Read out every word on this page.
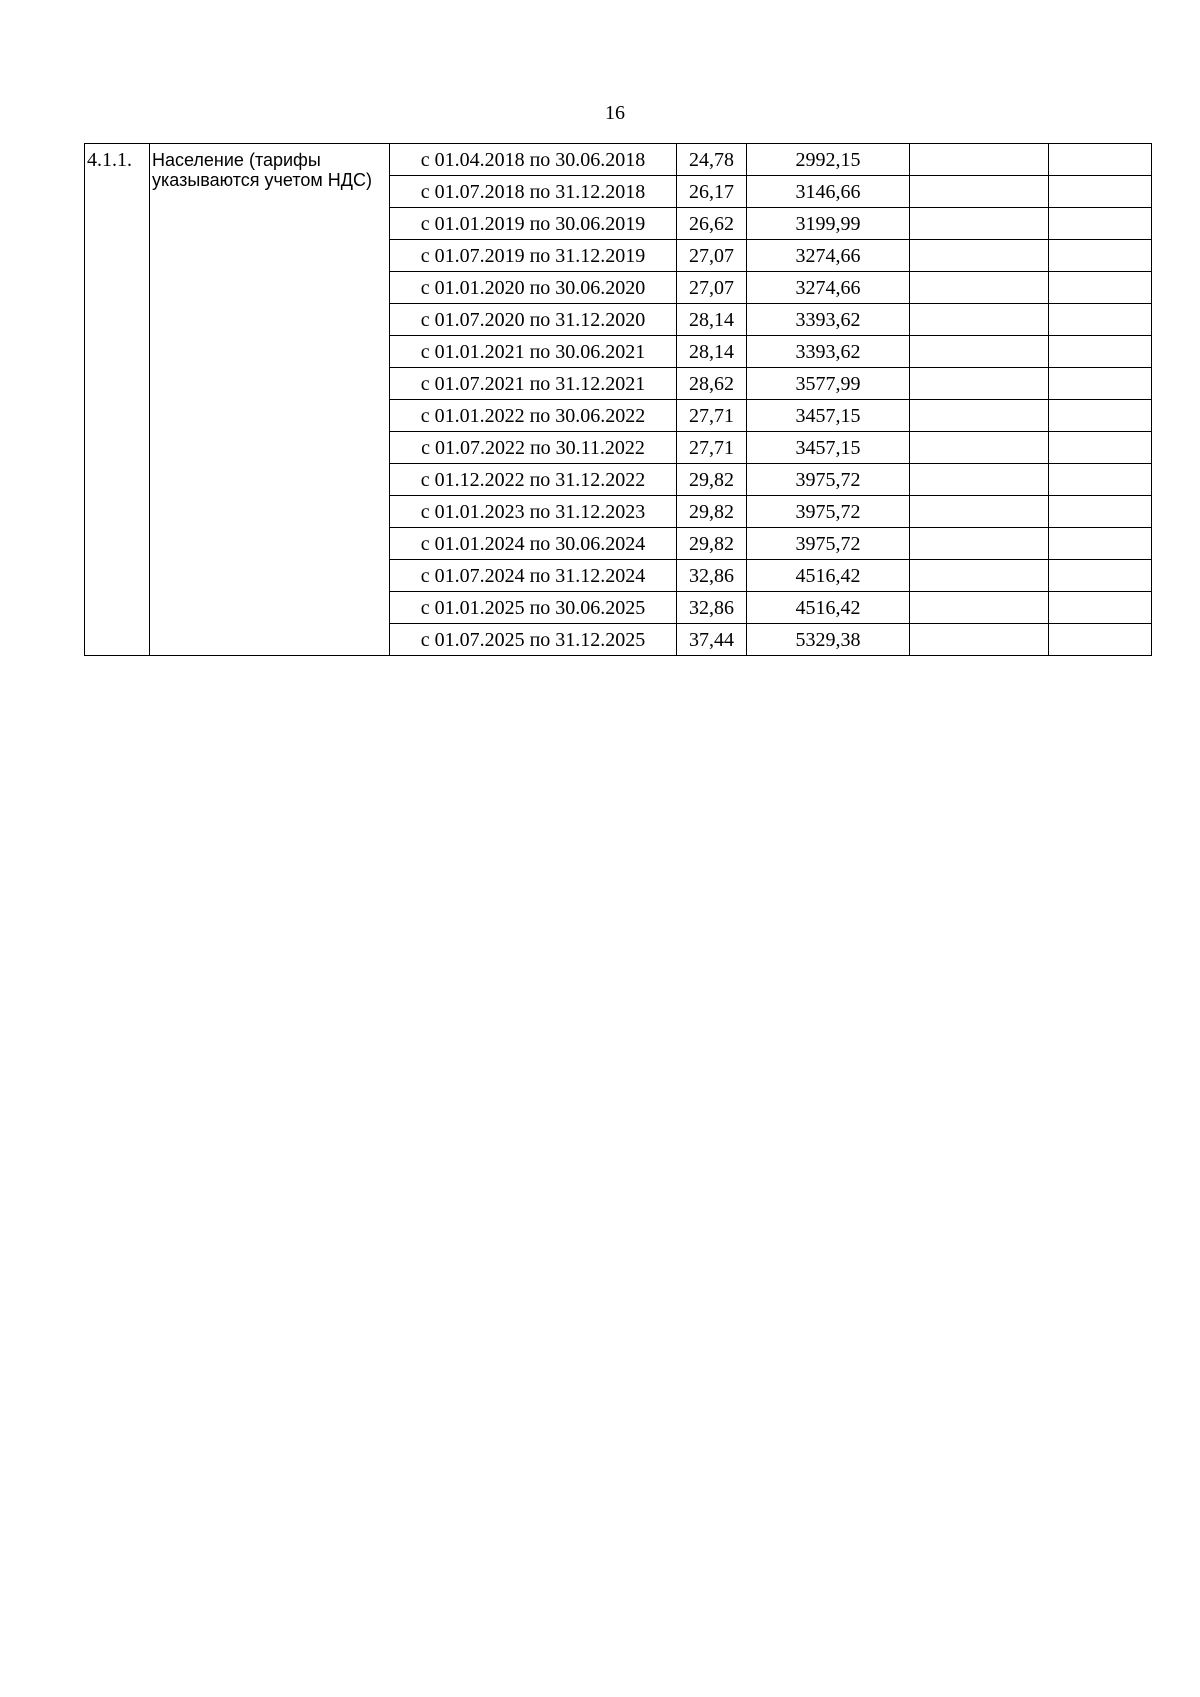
16
4.1.1.	Население (тарифы указываются учетом НДС)	с 01.04.2018 по 30.06.2018	24,78	2992,15		
		с 01.07.2018 по 31.12.2018	26,17	3146,66		
		с 01.01.2019 по 30.06.2019	26,62	3199,99		
		с 01.07.2019 по 31.12.2019	27,07	3274,66		
		с 01.01.2020 по 30.06.2020	27,07	3274,66		
		с 01.07.2020 по 31.12.2020	28,14	3393,62		
		с 01.01.2021 по 30.06.2021	28,14	3393,62		
		с 01.07.2021 по 31.12.2021	28,62	3577,99		
		с 01.01.2022 по 30.06.2022	27,71	3457,15		
		с 01.07.2022 по 30.11.2022	27,71	3457,15		
		с 01.12.2022 по 31.12.2022	29,82	3975,72		
		с 01.01.2023 по 31.12.2023	29,82	3975,72		
		с 01.01.2024 по 30.06.2024	29,82	3975,72		
		с 01.07.2024 по 31.12.2024	32,86	4516,42		
		с 01.01.2025 по 30.06.2025	32,86	4516,42		
		с 01.07.2025 по 31.12.2025	37,44	5329,38		
